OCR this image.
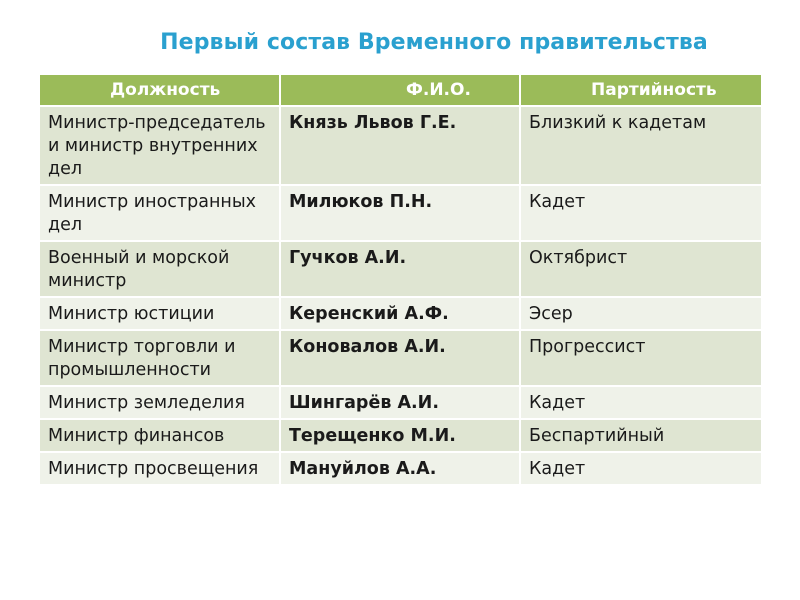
Первый состав Временного правительства
Должность	Ф.И.О.	Партийность
Министр-председатель и министр внутренних дел	Князь Львов Г.Е.	Близкий к кадетам
Министр иностранных дел	Милюков П.Н.	Кадет
Военный и морской министр	Гучков А.И.	Октябрист
Министр юстиции	Керенский А.Ф.	Эсер
Министр торговли и промышленности	Коновалов А.И.	Прогрессист
Министр земледелия	Шингарёв А.И.	Кадет
Министр финансов	Терещенко М.И.	Беспартийный
Министр просвещения	Мануйлов А.А.	Кадет
